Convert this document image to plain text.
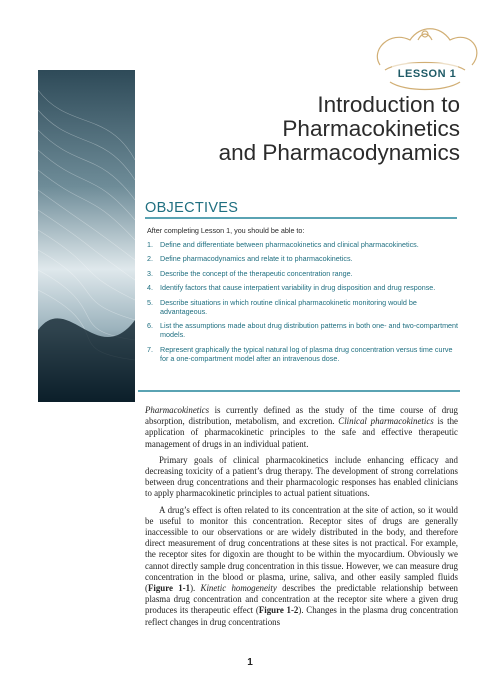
LESSON 1
Introduction to
Pharmacokinetics
and Pharmacodynamics
OBJECTIVES
After completing Lesson 1, you should be able to:
1. Define and differentiate between pharmacokinetics and clinical pharmacokinetics.
2. Define pharmacodynamics and relate it to pharmacokinetics.
3. Describe the concept of the therapeutic concentration range.
4. Identify factors that cause interpatient variability in drug disposition and drug response.
5. Describe situations in which routine clinical pharmacokinetic monitoring would be advantageous.
6. List the assumptions made about drug distribution patterns in both one- and two-compartment models.
7. Represent graphically the typical natural log of plasma drug concentration versus time curve for a one-compartment model after an intravenous dose.

Pharmacokinetics is currently defined as the study of the time course of drug absorption, distribution, metabolism, and excretion. Clinical pharmacokinetics is the application of pharmacokinetic principles to the safe and effective therapeutic management of drugs in an individual patient.

Primary goals of clinical pharmacokinetics include enhancing efficacy and decreasing toxicity of a patient’s drug therapy. The development of strong correlations between drug concentrations and their pharmacologic responses has enabled clinicians to apply pharmacokinetic principles to actual patient situations.

A drug’s effect is often related to its concentration at the site of action, so it would be useful to monitor this concentration. Receptor sites of drugs are generally inaccessible to our observations or are widely distributed in the body, and therefore direct measurement of drug concentrations at these sites is not practical. For example, the receptor sites for digoxin are thought to be within the myocardium. Obviously we cannot directly sample drug concentration in this tissue. However, we can measure drug concentration in the blood or plasma, urine, saliva, and other easily sampled fluids (Figure 1-1). Kinetic homogeneity describes the predictable relationship between plasma drug concentration and concentration at the receptor site where a given drug produces its therapeutic effect (Figure 1-2). Changes in the plasma drug concentration reflect changes in drug concentrations

1
